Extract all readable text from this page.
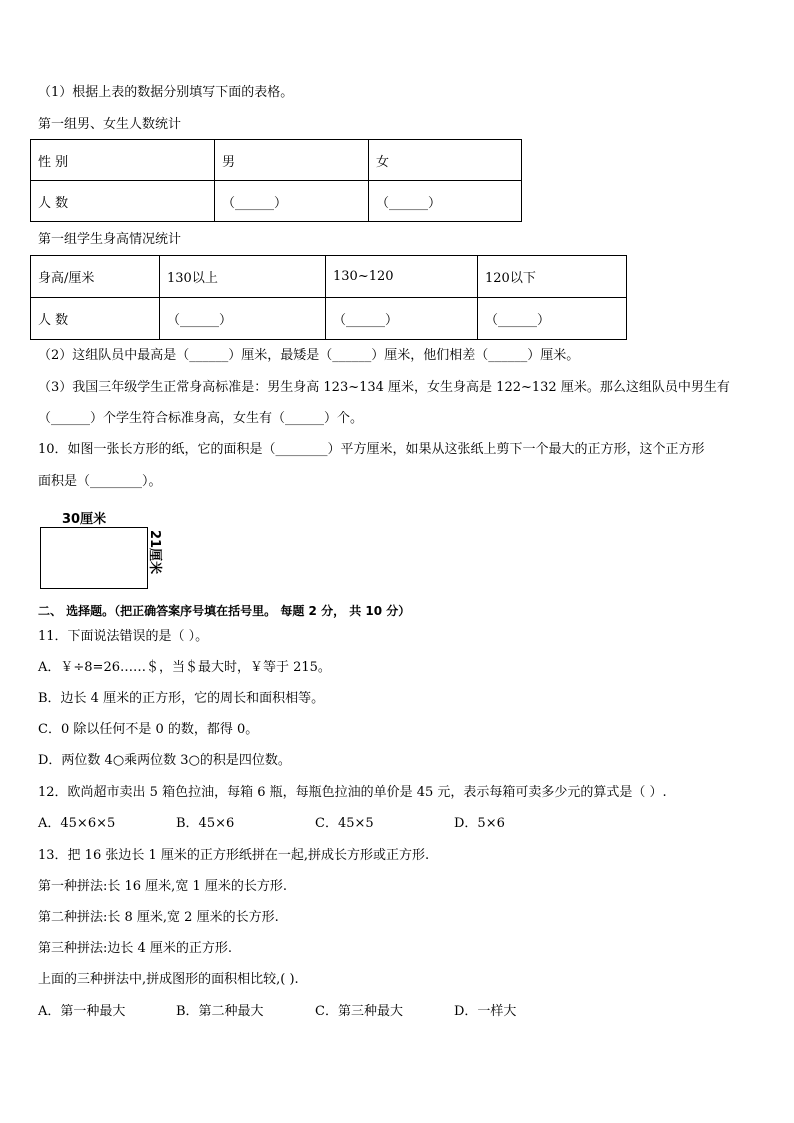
（1）根据上表的数据分别填写下面的表格。
第一组男、女生人数统计
性 别	男	女
人 数	（______）	（______）
第一组学生身高情况统计
身高/厘米	130以上	130~120	120以下
人 数	（______）	（______）	（______）
（2）这组队员中最高是（______）厘米，最矮是（______）厘米，他们相差（______）厘米。
（3）我国三年级学生正常身高标准是：男生身高 123~134 厘米，女生身高是 122~132 厘米。那么这组队员中男生有
（______）个学生符合标准身高，女生有（______）个。
10．如图一张长方形的纸，它的面积是（________）平方厘米，如果从这张纸上剪下一个最大的正方形，这个正方形
面积是（________）。
30厘米
21厘米
二、 选择题。（把正确答案序号填在括号里。 每题 2 分， 共 10 分）
11．下面说法错误的是（ ）。
A．￥÷8=26……＄，当＄最大时，￥等于 215。
B．边长 4 厘米的正方形，它的周长和面积相等。
C．0 除以任何不是 0 的数，都得 0。
D．两位数 4○乘两位数 3○的积是四位数。
12．欧尚超市卖出 5 箱色拉油，每箱 6 瓶，每瓶色拉油的单价是 45 元，表示每箱可卖多少元的算式是（ ）.
A．45×6×5	B．45×6	C．45×5	D．5×6
13．把 16 张边长 1 厘米的正方形纸拼在一起,拼成长方形或正方形.
第一种拼法:长 16 厘米,宽 1 厘米的长方形.
第二种拼法:长 8 厘米,宽 2 厘米的长方形.
第三种拼法:边长 4 厘米的正方形.
上面的三种拼法中,拼成图形的面积相比较,( ).
A．第一种最大	B．第二种最大	C．第三种最大	D．一样大
